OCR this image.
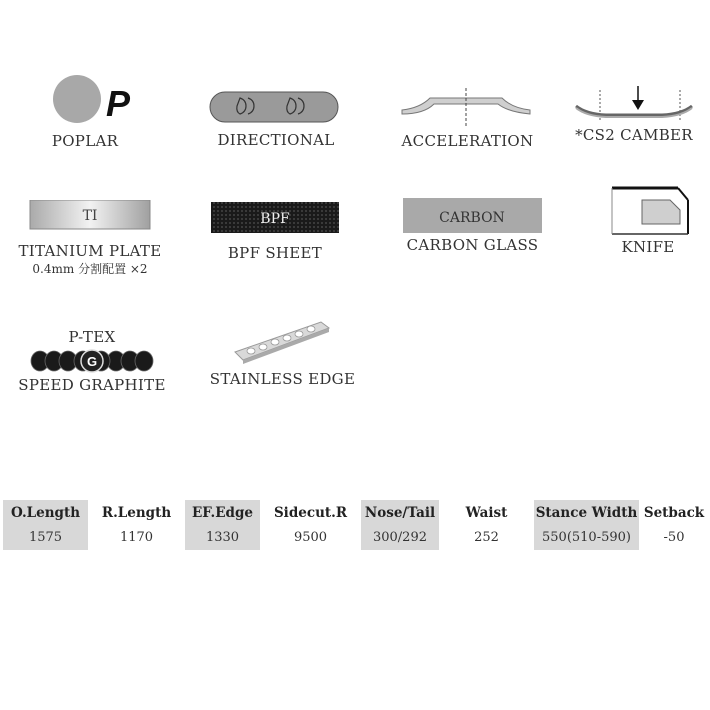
P
POPLAR	DIRECTIONAL	ACCELERATION	*CS2 CAMBER
TI
TITANIUM PLATE
0.4mm 分割配置 ×2
BPF
BPF SHEET
CARBON
CARBON GLASS	KNIFE
P-TEX
G
SPEED GRAPHITE	STAINLESS EDGE
O.Length	R.Length	EF.Edge	Sidecut.R	Nose/Tail	Waist	Stance Width	Setback
1575	1170	1330	9500	300/292	252	550(510-590)	-50
